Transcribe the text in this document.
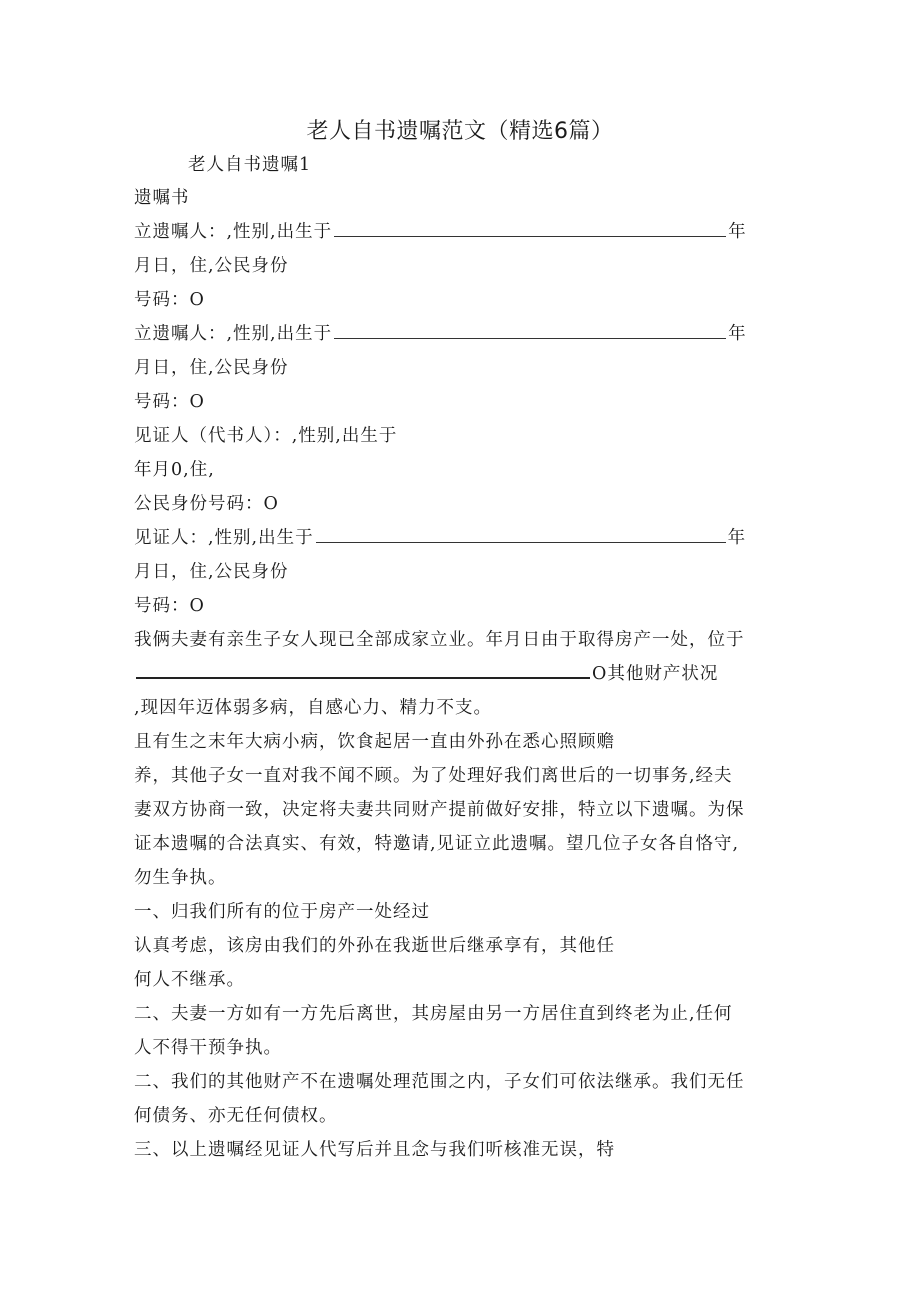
老人自书遗嘱范文（精选6篇）
老人自书遗嘱1
遗嘱书
立遗嘱人：,性别,出生于	年
月日，住,公民身份
号码：O
立遗嘱人：,性别,出生于	年
月日，住,公民身份
号码：O
见证人（代书人）：,性别,出生于
年月0,住,
公民身份号码：O
见证人：,性别,出生于	年
月日，住,公民身份
号码：O
我俩夫妻有亲生子女人现已全部成家立业。年月日由于取得房产一处，位于
O其他财产状况
,现因年迈体弱多病，自感心力、精力不支。
且有生之末年大病小病，饮食起居一直由外孙在悉心照顾赡
养，其他子女一直对我不闻不顾。为了处理好我们离世后的一切事务,经夫
妻双方协商一致，决定将夫妻共同财产提前做好安排，特立以下遗嘱。为保
证本遗嘱的合法真实、有效，特邀请,见证立此遗嘱。望几位子女各自恪守,
勿生争执。
一、归我们所有的位于房产一处经过
认真考虑，该房由我们的外孙在我逝世后继承享有，其他任
何人不继承。
二、夫妻一方如有一方先后离世，其房屋由另一方居住直到终老为止,任何
人不得干预争执。
二、我们的其他财产不在遗嘱处理范围之内，子女们可依法继承。我们无任
何债务、亦无任何债权。
三、以上遗嘱经见证人代写后并且念与我们听核准无误，特
